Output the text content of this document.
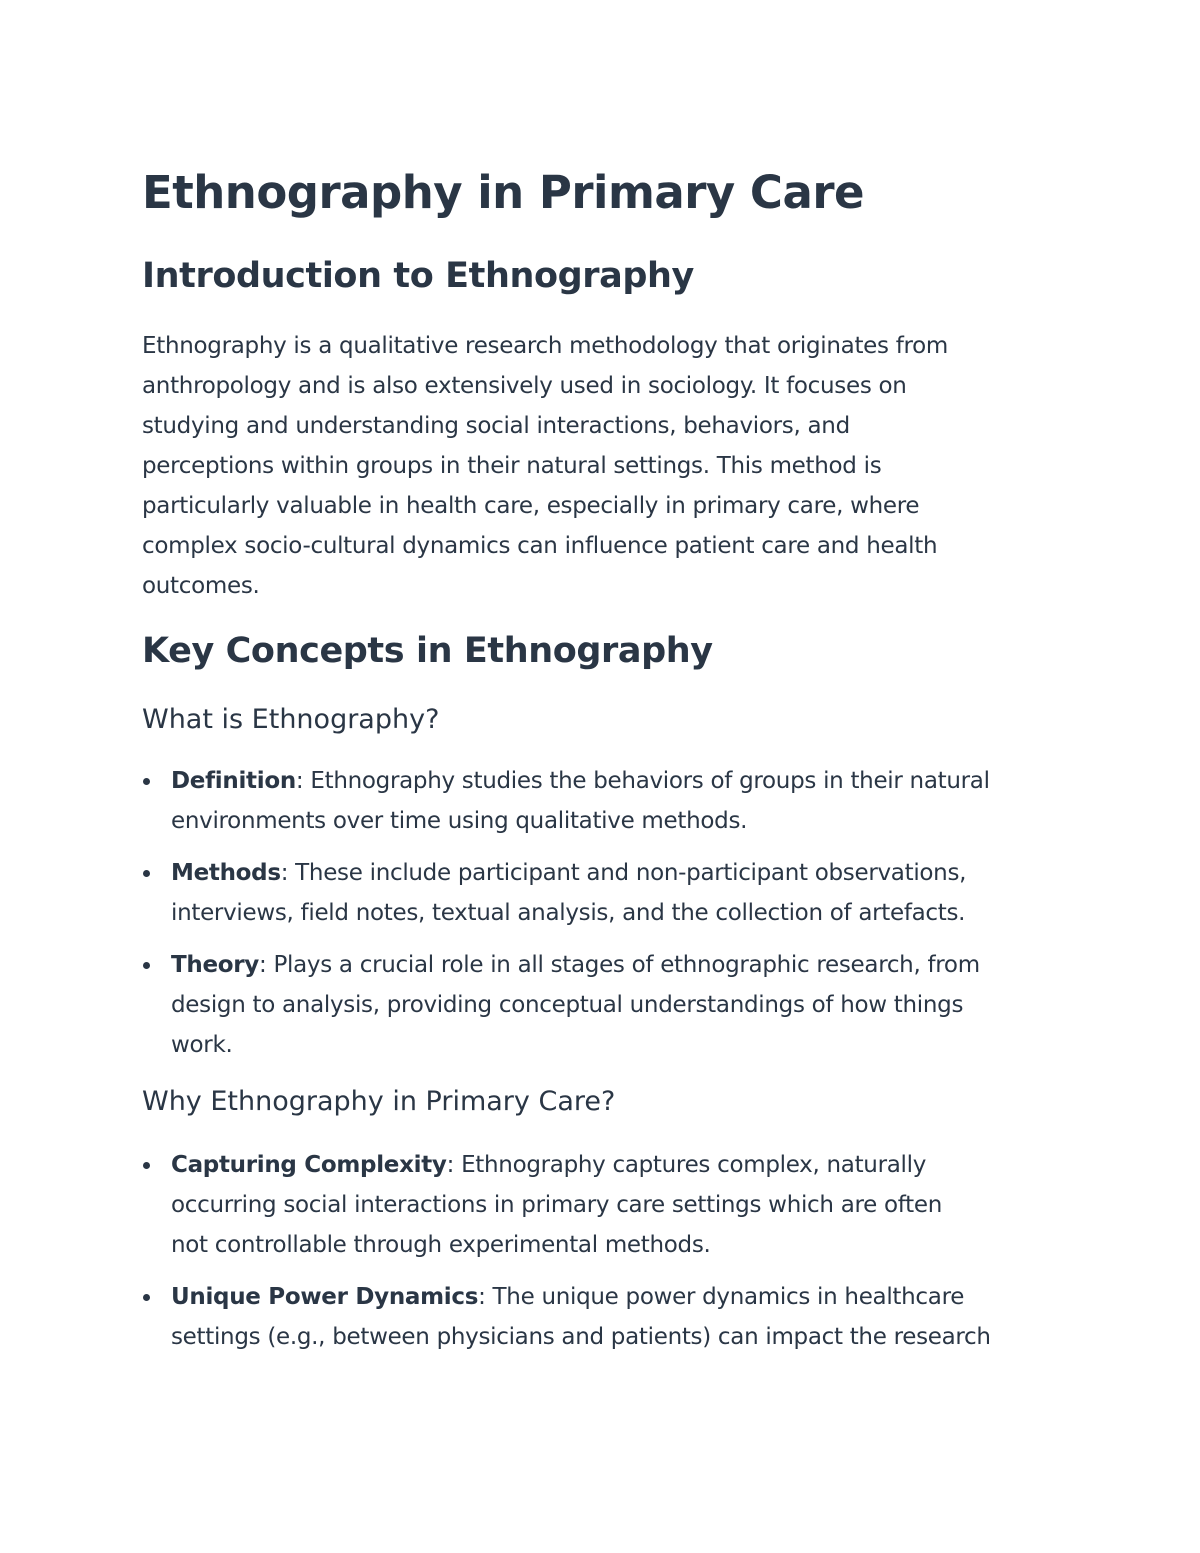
Ethnography in Primary Care
Introduction to Ethnography

Ethnography is a qualitative research methodology that originates from
anthropology and is also extensively used in sociology. It focuses on
studying and understanding social interactions, behaviors, and
perceptions within groups in their natural settings. This method is
particularly valuable in health care, especially in primary care, where
complex socio-cultural dynamics can influence patient care and health
outcomes.

Key Concepts in Ethnography
What is Ethnography?
Definition: Ethnography studies the behaviors of groups in their natural
environments over time using qualitative methods.
Methods: These include participant and non-participant observations,
interviews, field notes, textual analysis, and the collection of artefacts.
Theory: Plays a crucial role in all stages of ethnographic research, from
design to analysis, providing conceptual understandings of how things
work.
Why Ethnography in Primary Care?
Capturing Complexity: Ethnography captures complex, naturally
occurring social interactions in primary care settings which are often
not controllable through experimental methods.
Unique Power Dynamics: The unique power dynamics in healthcare
settings (e.g., between physicians and patients) can impact the research
